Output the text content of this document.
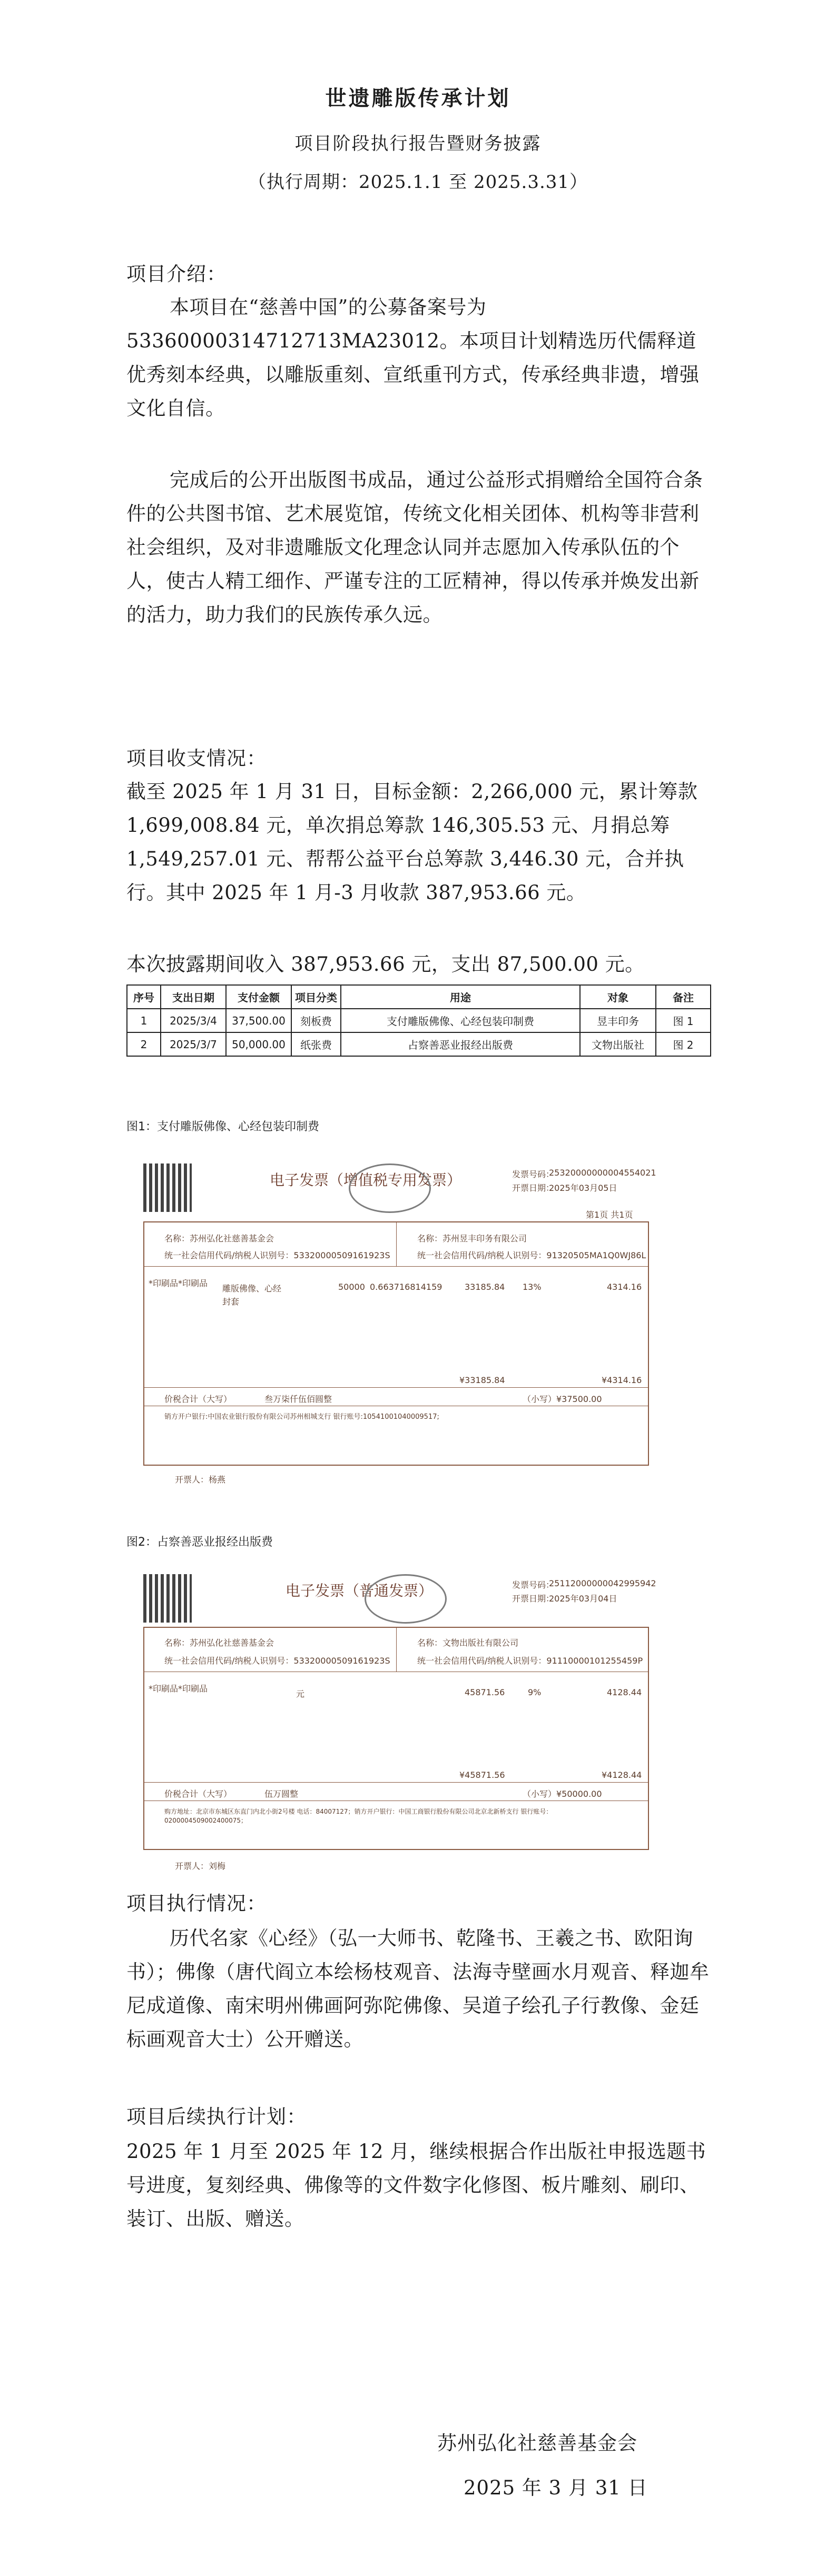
世遗雕版传承计划
项目阶段执行报告暨财务披露
（执行周期：2025.1.1 至 2025.3.31）
项目介绍：
本项目在“慈善中国”的公募备案号为53360000314712713MA23012。本项目计划精选历代儒释道优秀刻本经典，以雕版重刻、宣纸重刊方式，传承经典非遗，增强文化自信。
完成后的公开出版图书成品，通过公益形式捐赠给全国符合条件的公共图书馆、艺术展览馆，传统文化相关团体、机构等非营利社会组织，及对非遗雕版文化理念认同并志愿加入传承队伍的个人，使古人精工细作、严谨专注的工匠精神，得以传承并焕发出新的活力，助力我们的民族传承久远。
项目收支情况：
截至 2025 年 1 月 31 日，目标金额：2,266,000 元，累计筹款1,699,008.84 元，单次捐总筹款 146,305.53 元、月捐总筹1,549,257.01 元、帮帮公益平台总筹款 3,446.30 元，合并执行。其中 2025 年 1 月-3 月收款 387,953.66 元。
本次披露期间收入 387,953.66 元，支出 87,500.00 元。
序号	支出日期	支付金额	项目分类	用途	对象	备注
1	2025/3/4	37,500.00	刻板费	支付雕版佛像、心经包装印制费	昱丰印务	图 1
2	2025/3/7	50,000.00	纸张费	占察善恶业报经出版费	文物出版社	图 2
图1：支付雕版佛像、心经包装印制费
电子发票（增值税专用发票）	发票号码：
25320000000004554021
开票日期：
2025年03月05日
第1页 共1页
名称：苏州弘化社慈善基金会
统一社会信用代码/纳税人识别号：53320000509161923S
名称：苏州昱丰印务有限公司
统一社会信用代码/纳税人识别号：91320505MA1Q0WJ86L
*印刷品*印刷品
雕版佛像、心经
封套
50000 0.663716814159	33185.84 13%	4314.16
¥33185.84	¥4314.16
价税合计（大写）	叁万柒仟伍佰圆整	（小写）¥37500.00
销方开户银行:中国农业银行股份有限公司苏州相城支行 银行账号:10541001040009517;
开票人：杨燕
图2：占察善恶业报经出版费
电子发票（普通发票）	发票号码：
25112000000042995942
开票日期：
2025年03月04日
名称：苏州弘化社慈善基金会
统一社会信用代码/纳税人识别号：53320000509161923S
名称：文物出版社有限公司
统一社会信用代码/纳税人识别号：91110000101255459P
*印刷品*印刷品
元	45871.56	9%	4128.44
¥45871.56	¥4128.44
价税合计（大写）	伍万圆整	（小写）¥50000.00
购方地址：北京市东城区东直门内北小街2号楼 电话：84007127；销方开户银行：中国工商银行股份有限公司北京北新桥支行 银行账号：0200004509002400075；
开票人：刘梅
项目执行情况：
历代名家《心经》（弘一大师书、乾隆书、王羲之书、欧阳询书）；佛像（唐代阎立本绘杨枝观音、法海寺壁画水月观音、释迦牟尼成道像、南宋明州佛画阿弥陀佛像、吴道子绘孔子行教像、金廷标画观音大士）公开赠送。
项目后续执行计划：
2025 年 1 月至 2025 年 12 月，继续根据合作出版社申报选题书号进度，复刻经典、佛像等的文件数字化修图、板片雕刻、刷印、装订、出版、赠送。
苏州弘化社慈善基金会
2025 年 3 月 31 日
